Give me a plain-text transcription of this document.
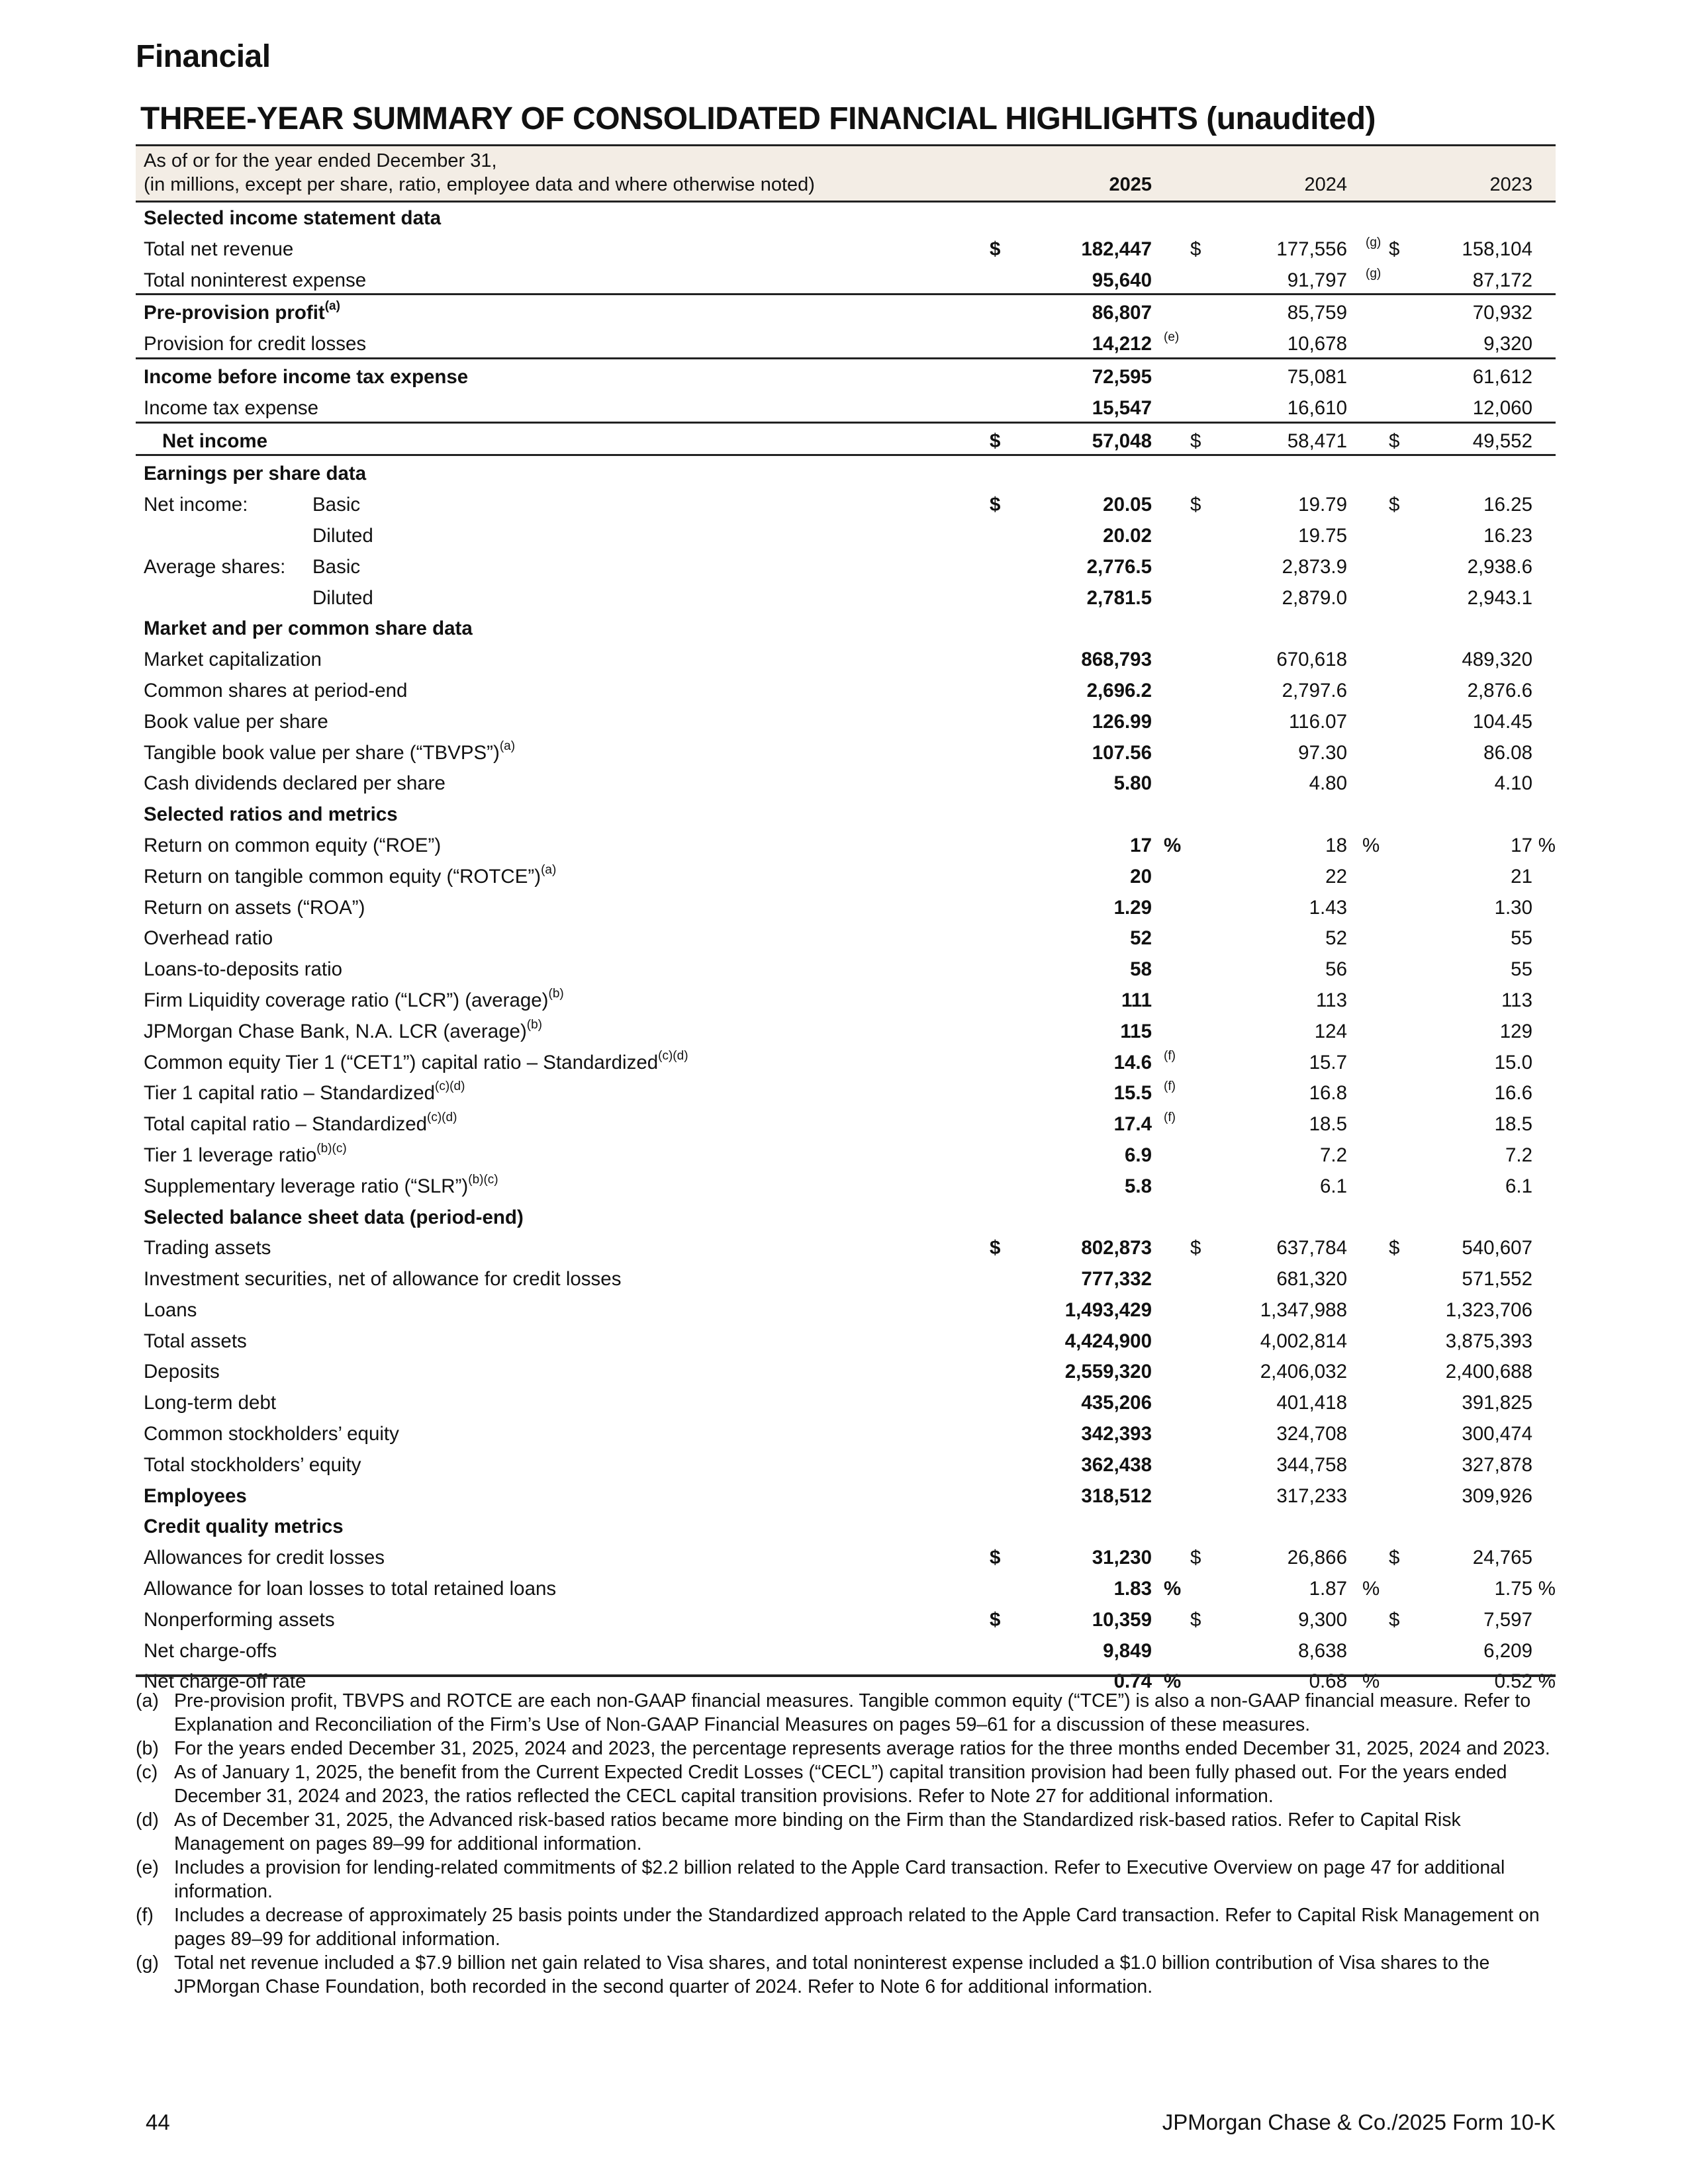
Financial
THREE-YEAR SUMMARY OF CONSOLIDATED FINANCIAL HIGHLIGHTS (unaudited)
As of or for the year ended December 31,
(in millions, except per share, ratio, employee data and where otherwise noted)	2025	2024	2023
Selected income statement data
Total net revenue	182,447	177,556	158,104
$	$	$
(g)
Total noninterest expense	95,640	91,797	87,172
(g)
Pre-provision profit$^{(a)}$	86,807	85,759	70,932
Provision for credit losses	14,212	10,678	9,320
(e)
Income before income tax expense	72,595	75,081	61,612
Income tax expense	15,547	16,610	12,060
Net income	57,048	58,471	49,552
$	$	$
Earnings per share data
Net income:	Basic	20.05	19.79	16.25
$	$	$
Diluted	20.02	19.75	16.23
Average shares: Basic	2,776.5	2,873.9	2,938.6
Diluted	2,781.5	2,879.0	2,943.1
Market and per common share data
Market capitalization	868,793	670,618	489,320
Common shares at period-end	2,696.2	2,797.6	2,876.6
Book value per share	126.99	116.07	104.45
Tangible book value per share (“TBVPS”)$^{(a)}$	107.56	97.30	86.08
Cash dividends declared per share	5.80	4.80	4.10
Selected ratios and metrics
Return on common equity (“ROE”)	17	18	17
%	%	%
Return on tangible common equity (“ROTCE”)$^{(a)}$	20	22	21
Return on assets (“ROA”)	1.29	1.43	1.30
Overhead ratio	52	52	55
Loans-to-deposits ratio	58	56	55
Firm Liquidity coverage ratio (“LCR”) (average)$^{(b)}$	111	113	113
JPMorgan Chase Bank, N.A. LCR (average)$^{(b)}$	115	124	129
Common equity Tier 1 (“CET1”) capital ratio – Standardized$^{(c)(d)}$	14.6	15.7	15.0
(f)
Tier 1 capital ratio – Standardized$^{(c)(d)}$	15.5	16.8	16.6
(f)
Total capital ratio – Standardized$^{(c)(d)}$	17.4	18.5	18.5
(f)
Tier 1 leverage ratio$^{(b)(c)}$	6.9	7.2	7.2
Supplementary leverage ratio (“SLR”)$^{(b)(c)}$	5.8	6.1	6.1
Selected balance sheet data (period-end)
Trading assets	802,873	637,784	540,607
$	$	$
Investment securities, net of allowance for credit losses	777,332	681,320	571,552
Loans	1,493,429	1,347,988	1,323,706
Total assets	4,424,900	4,002,814	3,875,393
Deposits	2,559,320	2,406,032	2,400,688
Long-term debt	435,206	401,418	391,825
Common stockholders’ equity	342,393	324,708	300,474
Total stockholders’ equity	362,438	344,758	327,878
Employees	318,512	317,233	309,926
Credit quality metrics
Allowances for credit losses	31,230	26,866	24,765
$	$	$
Allowance for loan losses to total retained loans	1.83	1.87	1.75
%	%	%
Nonperforming assets	10,359	9,300	7,597
$	$	$
Net charge-offs	9,849	8,638	6,209
Net charge-off rate	0.74	0.68	0.52
%	%	%
(a) Pre-provision profit, TBVPS and ROTCE are each non-GAAP financial measures. Tangible common equity (“TCE”) is also a non-GAAP financial measure. Refer to Explanation and Reconciliation of the Firm’s Use of Non-GAAP Financial Measures on pages 59–61 for a discussion of these measures.
(b) For the years ended December 31, 2025, 2024 and 2023, the percentage represents average ratios for the three months ended December 31, 2025, 2024 and 2023.
(c) As of January 1, 2025, the benefit from the Current Expected Credit Losses (“CECL”) capital transition provision had been fully phased out. For the years ended December 31, 2024 and 2023, the ratios reflected the CECL capital transition provisions. Refer to Note 27 for additional information.
(d) As of December 31, 2025, the Advanced risk-based ratios became more binding on the Firm than the Standardized risk-based ratios. Refer to Capital Risk Management on pages 89–99 for additional information.
(e) Includes a provision for lending-related commitments of $2.2 billion related to the Apple Card transaction. Refer to Executive Overview on page 47 for additional information.
(f)	Includes a decrease of approximately 25 basis points under the Standardized approach related to the Apple Card transaction. Refer to Capital Risk Management on pages 89–99 for additional information.
(g) Total net revenue included a $7.9 billion net gain related to Visa shares, and total noninterest expense included a $1.0 billion contribution of Visa shares to the JPMorgan Chase Foundation, both recorded in the second quarter of 2024. Refer to Note 6 for additional information.
44	JPMorgan Chase & Co./2025 Form 10-K
